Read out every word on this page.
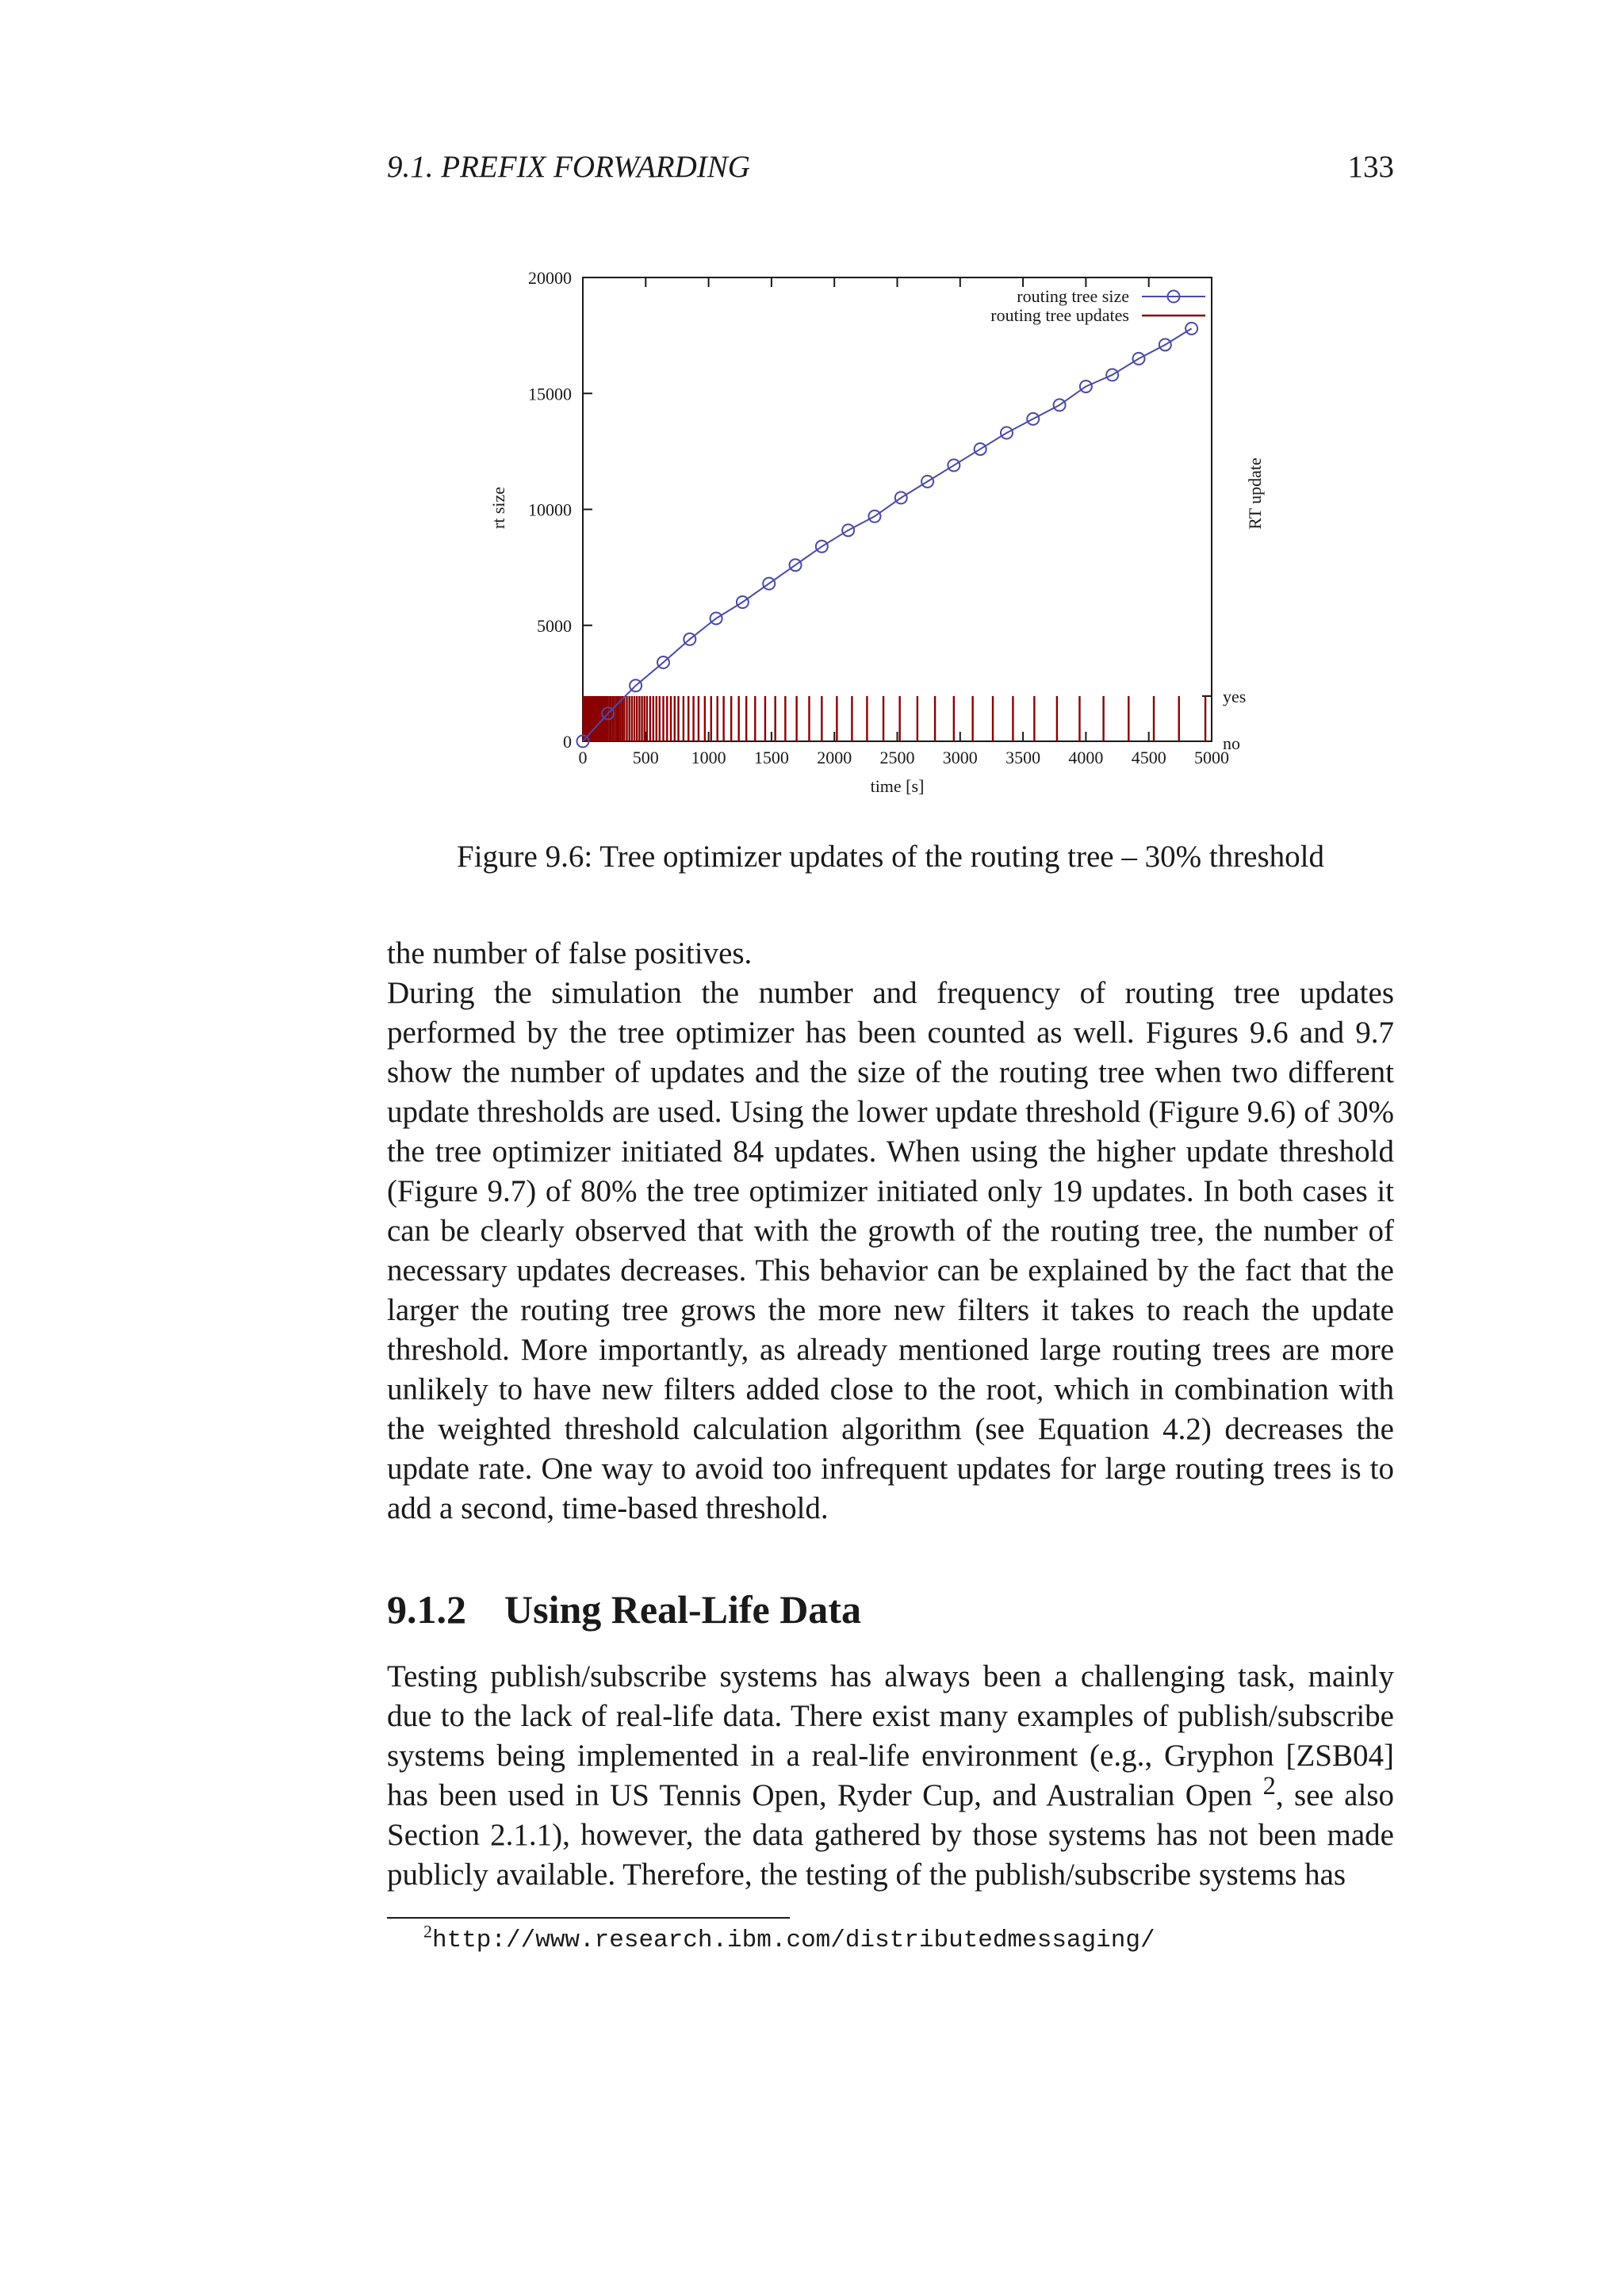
9.1. PREFIX FORWARDING	133
0	500 1000 1500 2000 2500 3000 3500 4000 4500 5000
0
5000
10000
15000
20000
no
yes
time [s]
rt size	RT update
routing tree size
routing tree updates
Figure 9.6: Tree optimizer updates of the routing tree – 30% threshold

the number of false positives.

During the simulation the number and frequency of routing tree updates performed by the tree optimizer has been counted as well. Figures 9.6 and 9.7 show the number of updates and the size of the routing tree when two different update thresholds are used. Using the lower update threshold (Figure 9.6) of 30% the tree optimizer initiated 84 updates. When using the higher update threshold (Figure 9.7) of 80% the tree optimizer initiated only 19 updates. In both cases it can be clearly observed that with the growth of the routing tree, the number of necessary updates decreases. This behavior can be explained by the fact that the larger the routing tree grows the more new filters it takes to reach the update threshold. More importantly, as already mentioned large routing trees are more unlikely to have new filters added close to the root, which in combination with the weighted threshold calculation algorithm (see Equation 4.2) decreases the update rate. One way to avoid too infrequent updates for large routing trees is to add a second, time-based threshold.

9.1.2 Using Real-Life Data

Testing publish/subscribe systems has always been a challenging task, mainly due to the lack of real-life data. There exist many examples of publish/subscribe systems being implemented in a real-life environment (e.g., Gryphon [ZSB04] has been used in US Tennis Open, Ryder Cup, and Australian Open $^2$, see also Section 2.1.1), however, the data gathered by those systems has not been made publicly available. Therefore, the testing of the publish/subscribe systems has

$^2$http://www.research.ibm.com/distributedmessaging/
